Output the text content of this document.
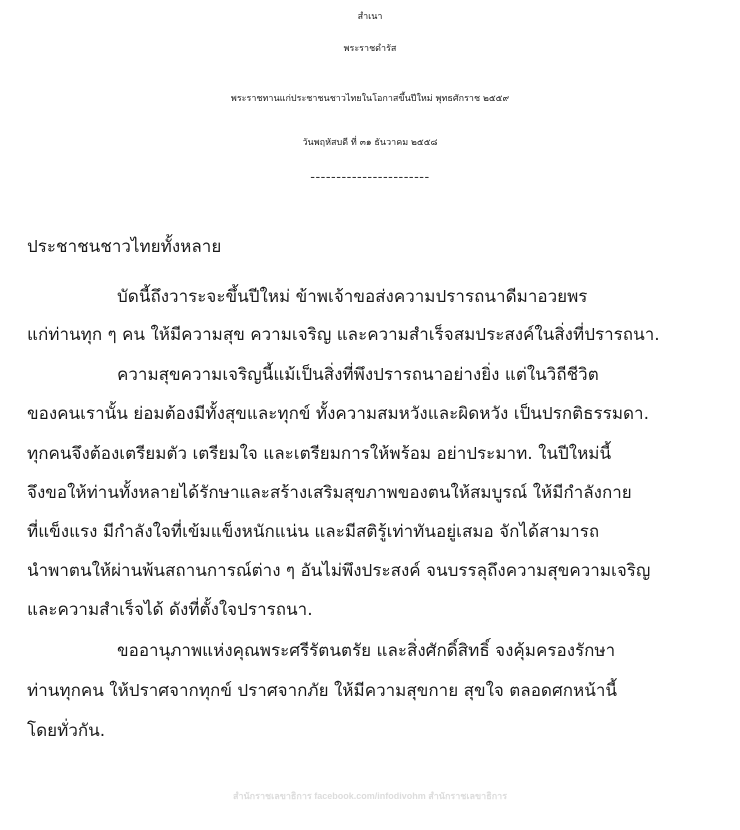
สำเนา
พระราชดำรัส
พระราชทานแก่ประชาชนชาวไทยในโอกาสขึ้นปีใหม่ พุทธศักราช ๒๕๕๙
วันพฤหัสบดี ที่ ๓๑ ธันวาคม ๒๕๕๘
-----------------------
ประชาชนชาวไทยทั้งหลาย
บัดนี้ถึงวาระจะขึ้นปีใหม่ ข้าพเจ้าขอส่งความปรารถนาดีมาอวยพร
แก่ท่านทุก ๆ คน ให้มีความสุข ความเจริญ และความสำเร็จสมประสงค์ในสิ่งที่ปรารถนา.
ความสุขความเจริญนี้แม้เป็นสิ่งที่พึงปรารถนาอย่างยิ่ง แต่ในวิถีชีวิต
ของคนเรานั้น ย่อมต้องมีทั้งสุขและทุกข์ ทั้งความสมหวังและผิดหวัง เป็นปรกติธรรมดา.
ทุกคนจึงต้องเตรียมตัว เตรียมใจ และเตรียมการให้พร้อม อย่าประมาท. ในปีใหม่นี้
จึงขอให้ท่านทั้งหลายได้รักษาและสร้างเสริมสุขภาพของตนให้สมบูรณ์ ให้มีกำลังกาย
ที่แข็งแรง มีกำลังใจที่เข้มแข็งหนักแน่น และมีสติรู้เท่าทันอยู่เสมอ จักได้สามารถ
นำพาตนให้ผ่านพ้นสถานการณ์ต่าง ๆ อันไม่พึงประสงค์ จนบรรลุถึงความสุขความเจริญ
และความสำเร็จได้ ดังที่ตั้งใจปรารถนา.
ขออานุภาพแห่งคุณพระศรีรัตนตรัย และสิ่งศักดิ์สิทธิ์ จงคุ้มครองรักษา
ท่านทุกคน ให้ปราศจากทุกข์ ปราศจากภัย ให้มีความสุขกาย สุขใจ ตลอดศกหน้านี้
โดยทั่วกัน.
สำนักราชเลขาธิการ facebook.com/infodivohm สำนักราชเลขาธิการ
